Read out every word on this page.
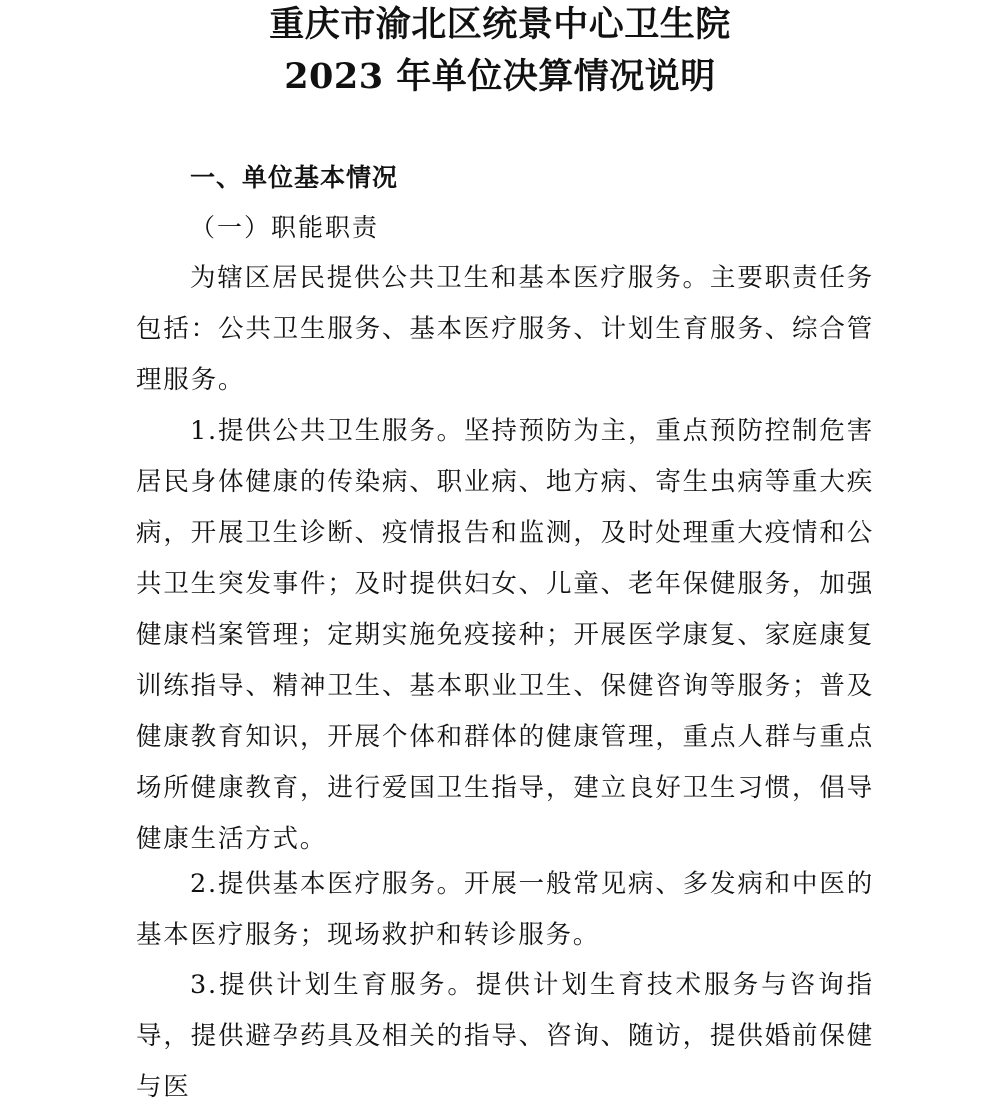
重庆市渝北区统景中心卫生院
2023 年单位决算情况说明
一、单位基本情况
（一）职能职责
为辖区居民提供公共卫生和基本医疗服务。主要职责任务包括：公共卫生服务、基本医疗服务、计划生育服务、综合管理服务。
1.提供公共卫生服务。坚持预防为主，重点预防控制危害居民身体健康的传染病、职业病、地方病、寄生虫病等重大疾病，开展卫生诊断、疫情报告和监测，及时处理重大疫情和公共卫生突发事件；及时提供妇女、儿童、老年保健服务，加强健康档案管理；定期实施免疫接种；开展医学康复、家庭康复训练指导、精神卫生、基本职业卫生、保健咨询等服务；普及健康教育知识，开展个体和群体的健康管理，重点人群与重点场所健康教育，进行爱国卫生指导，建立良好卫生习惯，倡导健康生活方式。
2.提供基本医疗服务。开展一般常见病、多发病和中医的基本医疗服务；现场救护和转诊服务。
3.提供计划生育服务。提供计划生育技术服务与咨询指导，提供避孕药具及相关的指导、咨询、随访，提供婚前保健与医
